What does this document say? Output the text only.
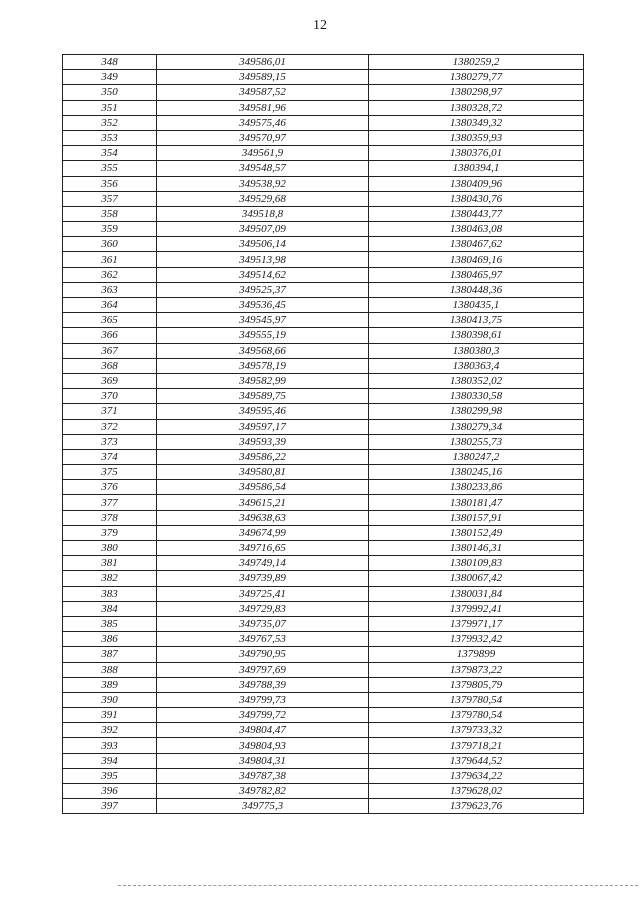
12
348	349586,01	1380259,2
349	349589,15	1380279,77
350	349587,52	1380298,97
351	349581,96	1380328,72
352	349575,46	1380349,32
353	349570,97	1380359,93
354	349561,9	1380376,01
355	349548,57	1380394,1
356	349538,92	1380409,96
357	349529,68	1380430,76
358	349518,8	1380443,77
359	349507,09	1380463,08
360	349506,14	1380467,62
361	349513,98	1380469,16
362	349514,62	1380465,97
363	349525,37	1380448,36
364	349536,45	1380435,1
365	349545,97	1380413,75
366	349555,19	1380398,61
367	349568,66	1380380,3
368	349578,19	1380363,4
369	349582,99	1380352,02
370	349589,75	1380330,58
371	349595,46	1380299,98
372	349597,17	1380279,34
373	349593,39	1380255,73
374	349586,22	1380247,2
375	349580,81	1380245,16
376	349586,54	1380233,86
377	349615,21	1380181,47
378	349638,63	1380157,91
379	349674,99	1380152,49
380	349716,65	1380146,31
381	349749,14	1380109,83
382	349739,89	1380067,42
383	349725,41	1380031,84
384	349729,83	1379992,41
385	349735,07	1379971,17
386	349767,53	1379932,42
387	349790,95	1379899
388	349797,69	1379873,22
389	349788,39	1379805,79
390	349799,73	1379780,54
391	349799,72	1379780,54
392	349804,47	1379733,32
393	349804,93	1379718,21
394	349804,31	1379644,52
395	349787,38	1379634,22
396	349782,82	1379628,02
397	349775,3	1379623,76
